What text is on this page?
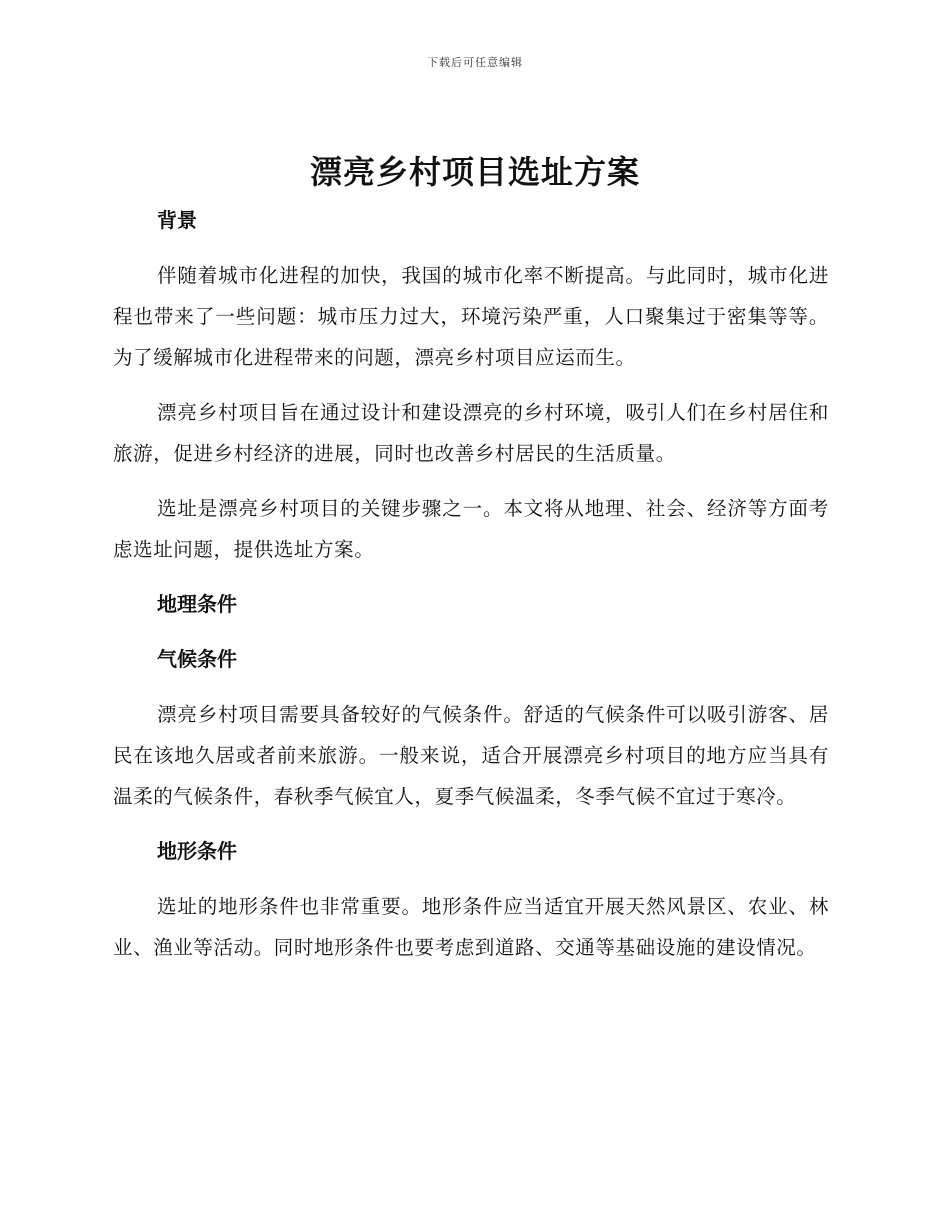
下载后可任意编辑
漂亮乡村项目选址方案
背景

伴随着城市化进程的加快，我国的城市化率不断提高。与此同时，城市化进程也带来了一些问题：城市压力过大，环境污染严重，人口聚集过于密集等等。为了缓解城市化进程带来的问题，漂亮乡村项目应运而生。

漂亮乡村项目旨在通过设计和建设漂亮的乡村环境，吸引人们在乡村居住和旅游，促进乡村经济的进展，同时也改善乡村居民的生活质量。

选址是漂亮乡村项目的关键步骤之一。本文将从地理、社会、经济等方面考虑选址问题，提供选址方案。

地理条件
气候条件

漂亮乡村项目需要具备较好的气候条件。舒适的气候条件可以吸引游客、居民在该地久居或者前来旅游。一般来说，适合开展漂亮乡村项目的地方应当具有温柔的气候条件，春秋季气候宜人，夏季气候温柔，冬季气候不宜过于寒冷。

地形条件

选址的地形条件也非常重要。地形条件应当适宜开展天然风景区、农业、林业、渔业等活动。同时地形条件也要考虑到道路、交通等基础设施的建设情况。
